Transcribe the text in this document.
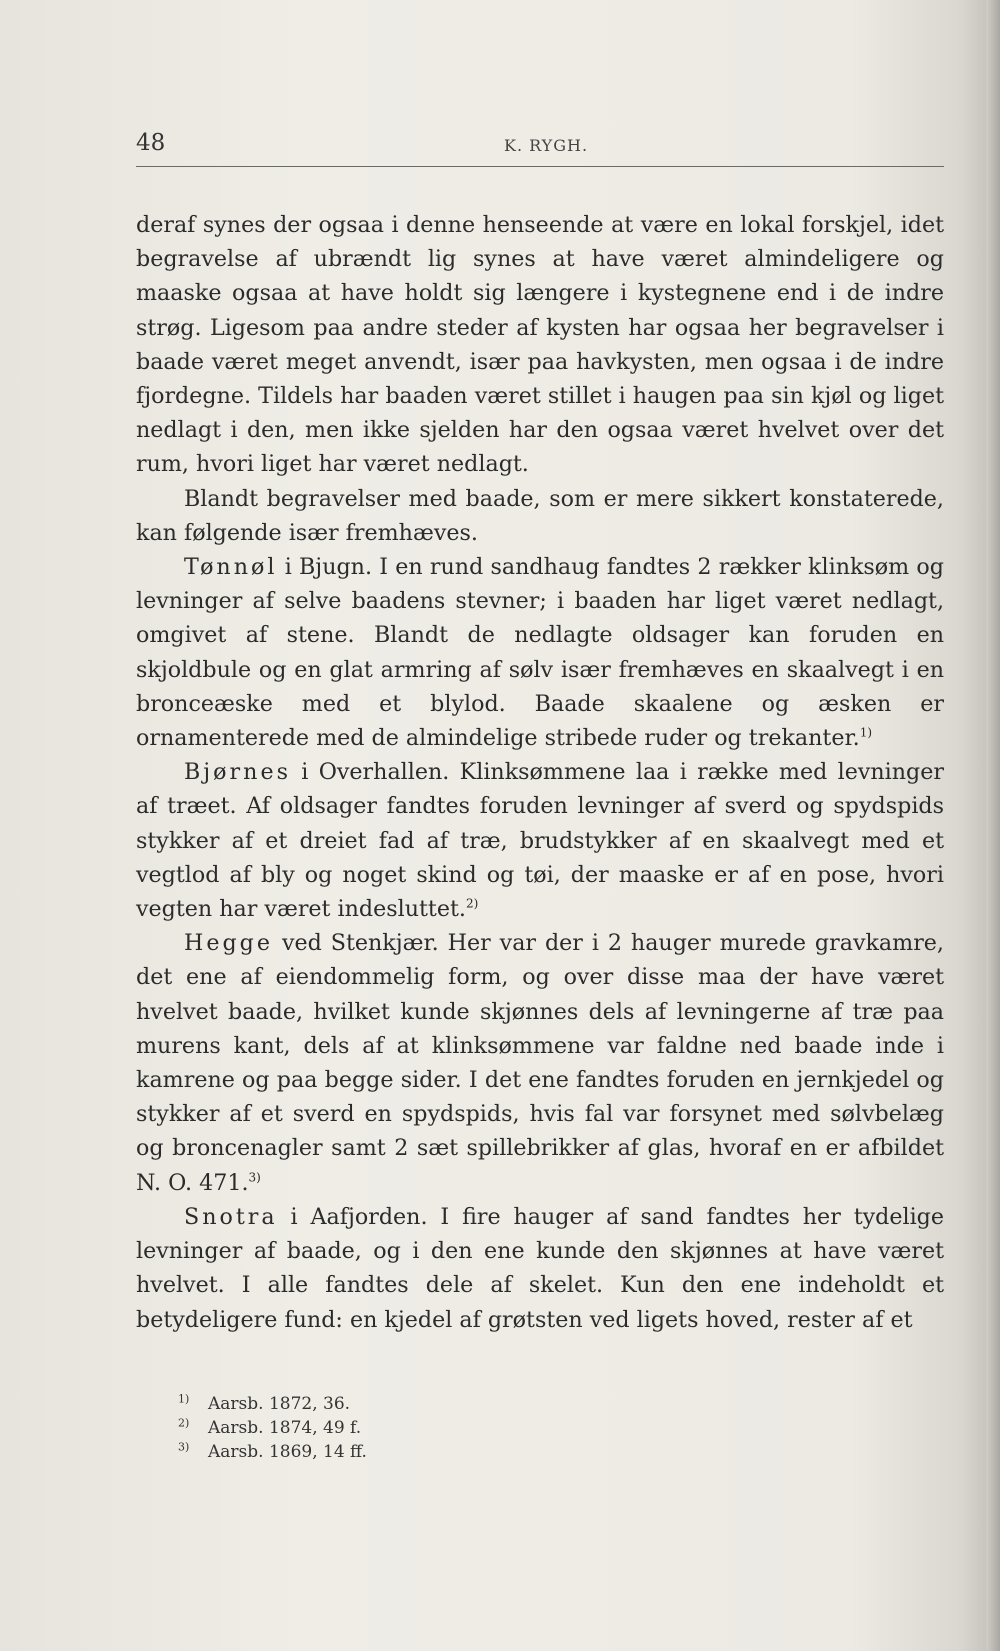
48	K. RYGH.

deraf synes der ogsaa i denne henseende at være en lokal forskjel, idet begravelse af ubrændt lig synes at have været almindeligere og maaske ogsaa at have holdt sig længere i kystegnene end i de indre strøg. Ligesom paa andre steder af kysten har ogsaa her begravelser i baade været meget anvendt, især paa havkysten, men ogsaa i de indre fjordegne. Tildels har baaden været stillet i haugen paa sin kjøl og liget nedlagt i den, men ikke sjelden har den ogsaa været hvelvet over det rum, hvori liget har været nedlagt.

Blandt begravelser med baade, som er mere sikkert konstaterede, kan følgende især fremhæves.

Tønnøl i Bjugn. I en rund sandhaug fandtes 2 rækker klinksøm og levninger af selve baadens stevner; i baaden har liget været nedlagt, omgivet af stene. Blandt de nedlagte oldsager kan foruden en skjoldbule og en glat armring af sølv især fremhæves en skaalvegt i en bronceæske med et blylod. Baade skaalene og æsken er ornamenterede med de almindelige stribede ruder og trekanter.$^{1)}$

Bjørnes i Overhallen. Klinksømmene laa i række med levninger af træet. Af oldsager fandtes foruden levninger af sverd og spydspids stykker af et dreiet fad af træ, brudstykker af en skaalvegt med et vegtlod af bly og noget skind og tøi, der maaske er af en pose, hvori vegten har været indesluttet.$^{2)}$

Hegge ved Stenkjær. Her var der i 2 hauger murede gravkamre, det ene af eiendommelig form, og over disse maa der have været hvelvet baade, hvilket kunde skjønnes dels af levningerne af træ paa murens kant, dels af at klinksømmene var faldne ned baade inde i kamrene og paa begge sider. I det ene fandtes foruden en jernkjedel og stykker af et sverd en spydspids, hvis fal var forsynet med sølvbelæg og broncenagler samt 2 sæt spillebrikker af glas, hvoraf en er afbildet N. O. 471.$^{3)}$

Snotra i Aafjorden. I fire hauger af sand fandtes her tydelige levninger af baade, og i den ene kunde den skjønnes at have været hvelvet. I alle fandtes dele af skelet. Kun den ene indeholdt et betydeligere fund: en kjedel af grøtsten ved ligets hoved, rester af et

$^{1)}$ Aarsb. 1872, 36.
$^{2)}$ Aarsb. 1874, 49 f.
$^{3)}$ Aarsb. 1869, 14 ff.
